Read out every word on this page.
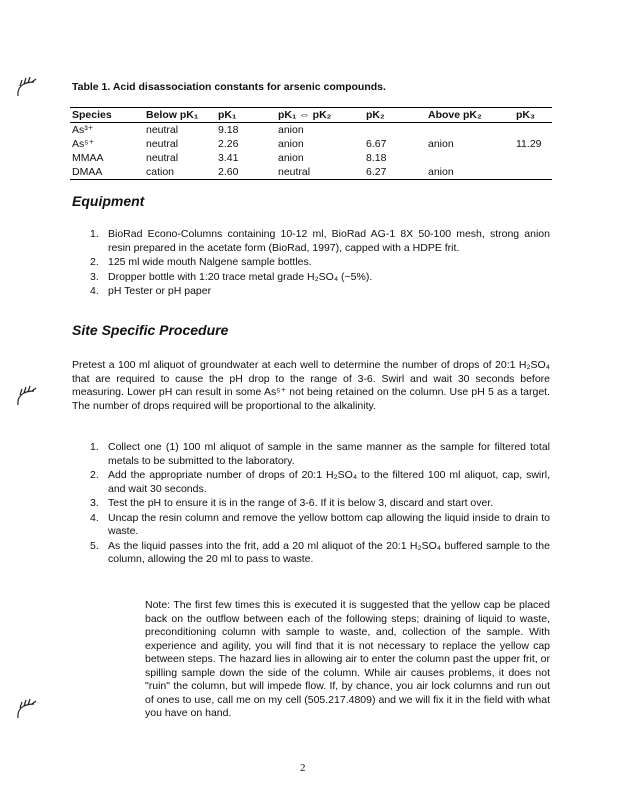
Table 1. Acid disassociation constants for arsenic compounds.
Species	Below pK₁	pK₁	pK₁ ⇔ pK₂	pK₂	Above pK₂	pK₃
As³⁺	neutral	9.18	anion			
As⁵⁺	neutral	2.26	anion	6.67	anion	11.29
MMAA	neutral	3.41	anion	8.18		
DMAA	cation	2.60	neutral	6.27	anion	
Equipment
1. BioRad Econo-Columns containing 10-12 ml, BioRad AG-1 8X 50-100 mesh, strong anion resin prepared in the acetate form (BioRad, 1997), capped with a HDPE frit.
2. 125 ml wide mouth Nalgene sample bottles.
3. Dropper bottle with 1:20 trace metal grade H₂SO₄ (~5%).
4. pH Tester or pH paper
Site Specific Procedure

Pretest a 100 ml aliquot of groundwater at each well to determine the number of drops of 20:1 H₂SO₄ that are required to cause the pH drop to the range of 3-6. Swirl and wait 30 seconds before measuring. Lower pH can result in some As⁵⁺ not being retained on the column. Use pH 5 as a target. The number of drops required will be proportional to the alkalinity.

1. Collect one (1) 100 ml aliquot of sample in the same manner as the sample for filtered total metals to be submitted to the laboratory.
2. Add the appropriate number of drops of 20:1 H₂SO₄ to the filtered 100 ml aliquot, cap, swirl, and wait 30 seconds.
3. Test the pH to ensure it is in the range of 3-6. If it is below 3, discard and start over.
4. Uncap the resin column and remove the yellow bottom cap allowing the liquid inside to drain to waste.
5. As the liquid passes into the frit, add a 20 ml aliquot of the 20:1 H₂SO₄ buffered sample to the column, allowing the 20 ml to pass to waste.

Note: The first few times this is executed it is suggested that the yellow cap be placed back on the outflow between each of the following steps; draining of liquid to waste, preconditioning column with sample to waste, and, collection of the sample. With experience and agility, you will find that it is not necessary to replace the yellow cap between steps. The hazard lies in allowing air to enter the column past the upper frit, or spilling sample down the side of the column. While air causes problems, it does not "ruin" the column, but will impede flow. If, by chance, you air lock columns and run out of ones to use, call me on my cell (505.217.4809) and we will fix it in the field with what you have on hand.

2
